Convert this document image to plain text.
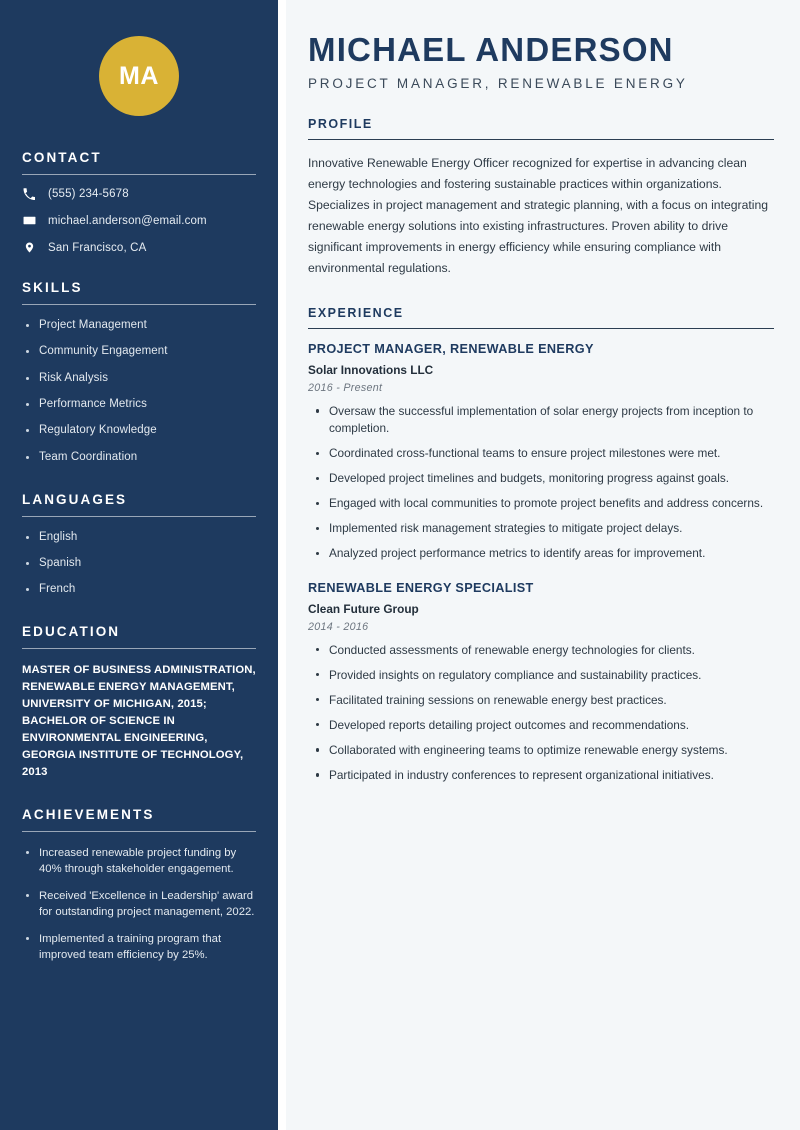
MA
CONTACT
(555) 234-5678
michael.anderson@email.com
San Francisco, CA
SKILLS
Project Management
Community Engagement
Risk Analysis
Performance Metrics
Regulatory Knowledge
Team Coordination
LANGUAGES
English
Spanish
French
EDUCATION
MASTER OF BUSINESS ADMINISTRATION, RENEWABLE ENERGY MANAGEMENT, UNIVERSITY OF MICHIGAN, 2015; BACHELOR OF SCIENCE IN ENVIRONMENTAL ENGINEERING, GEORGIA INSTITUTE OF TECHNOLOGY, 2013
ACHIEVEMENTS
Increased renewable project funding by 40% through stakeholder engagement.
Received 'Excellence in Leadership' award for outstanding project management, 2022.
Implemented a training program that improved team efficiency by 25%.
MICHAEL ANDERSON
PROJECT MANAGER, RENEWABLE ENERGY
PROFILE

Innovative Renewable Energy Officer recognized for expertise in advancing clean energy technologies and fostering sustainable practices within organizations. Specializes in project management and strategic planning, with a focus on integrating renewable energy solutions into existing infrastructures. Proven ability to drive significant improvements in energy efficiency while ensuring compliance with environmental regulations.

EXPERIENCE
PROJECT MANAGER, RENEWABLE ENERGY
Solar Innovations LLC
2016 - Present
Oversaw the successful implementation of solar energy projects from inception to completion.
Coordinated cross-functional teams to ensure project milestones were met.
Developed project timelines and budgets, monitoring progress against goals.
Engaged with local communities to promote project benefits and address concerns.
Implemented risk management strategies to mitigate project delays.
Analyzed project performance metrics to identify areas for improvement.
RENEWABLE ENERGY SPECIALIST
Clean Future Group
2014 - 2016
Conducted assessments of renewable energy technologies for clients.
Provided insights on regulatory compliance and sustainability practices.
Facilitated training sessions on renewable energy best practices.
Developed reports detailing project outcomes and recommendations.
Collaborated with engineering teams to optimize renewable energy systems.
Participated in industry conferences to represent organizational initiatives.
